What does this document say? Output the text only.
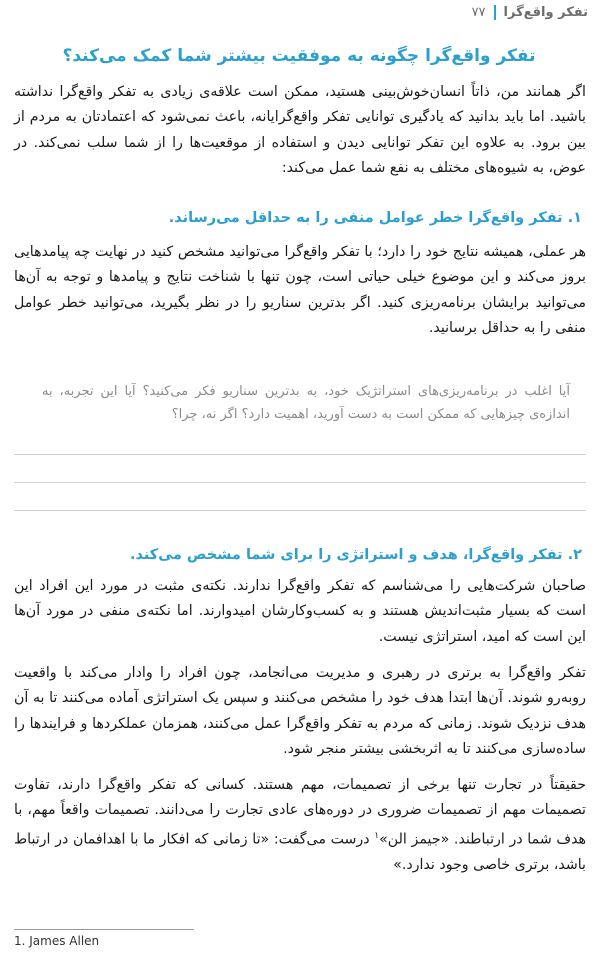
تفکر واقع‌گرا
۷۷
تفکر واقع‌گرا چگونه به موفقیت بیشتر شما کمک می‌کند؟

اگر همانند من، ذاتاً انسان‌خوش‌بینی هستید، ممکن است علاقه‌ی زیادی به تفکر واقع‌گرا نداشته باشید. اما باید بدانید که یادگیری توانایی تفکر واقع‌گرایانه، باعث نمی‌شود که اعتمادتان به مردم از بین برود. به علاوه این تفکر توانایی دیدن و استفاده از موقعیت‌ها را از شما سلب نمی‌کند. در عوض، به شیوه‌های مختلف به نفع شما عمل می‌کند:

۱. تفکر واقع‌گرا خطر عوامل منفی را به حداقل می‌رساند.

هر عملی، همیشه نتایج خود را دارد؛ با تفکر واقع‌گرا می‌توانید مشخص کنید در نهایت چه پیامدهایی بروز می‌کند و این موضوع خیلی حیاتی است، چون تنها با شناخت نتایج و پیامدها و توجه به آن‌ها می‌توانید برایشان برنامه‌ریزی کنید. اگر بدترین سناریو را در نظر بگیرید، می‌توانید خطر عوامل منفی را به حداقل برسانید.

آیا اغلب در برنامه‌ریزی‌های استراتژیک خود، به بدترین سناریو فکر می‌کنید؟ آیا این تجربه، به اندازه‌ی چیزهایی که ممکن است به دست آورید، اهمیت دارد؟ اگر نه، چرا؟

۲. تفکر واقع‌گرا، هدف و استراتژی را برای شما مشخص می‌کند.

صاحبان شرکت‌هایی را می‌شناسم که تفکر واقع‌گرا ندارند. نکته‌ی مثبت در مورد این افراد این است که بسیار مثبت‌اندیش هستند و به کسب‌وکارشان امیدوارند. اما نکته‌ی منفی در مورد آن‌ها این است که امید، استراتژی نیست.

تفکر واقع‌گرا به برتری در رهبری و مدیریت می‌انجامد، چون افراد را وادار می‌کند با واقعیت روبه‌رو شوند. آن‌ها ابتدا هدف خود را مشخص می‌کنند و سپس یک استراتژی آماده می‌کنند تا به آن هدف نزدیک شوند. زمانی که مردم به تفکر واقع‌گرا عمل می‌کنند، همزمان عملکردها و فرایندها را ساده‌سازی می‌کنند تا به اثربخشی بیشتر منجر شود.

حقیقتاً در تجارت تنها برخی از تصمیمات، مهم هستند. کسانی که تفکر واقع‌گرا دارند، تفاوت تصمیمات مهم از تصمیمات ضروری در دوره‌های عادی تجارت را می‌دانند. تصمیمات واقعاً مهم، با هدف شما در ارتباطند. «جیمز الن»$^۱$ درست می‌گفت: «تا زمانی که افکار ما با اهدافمان در ارتباط باشد، برتری خاصی وجود ندارد.»

1. James Allen
